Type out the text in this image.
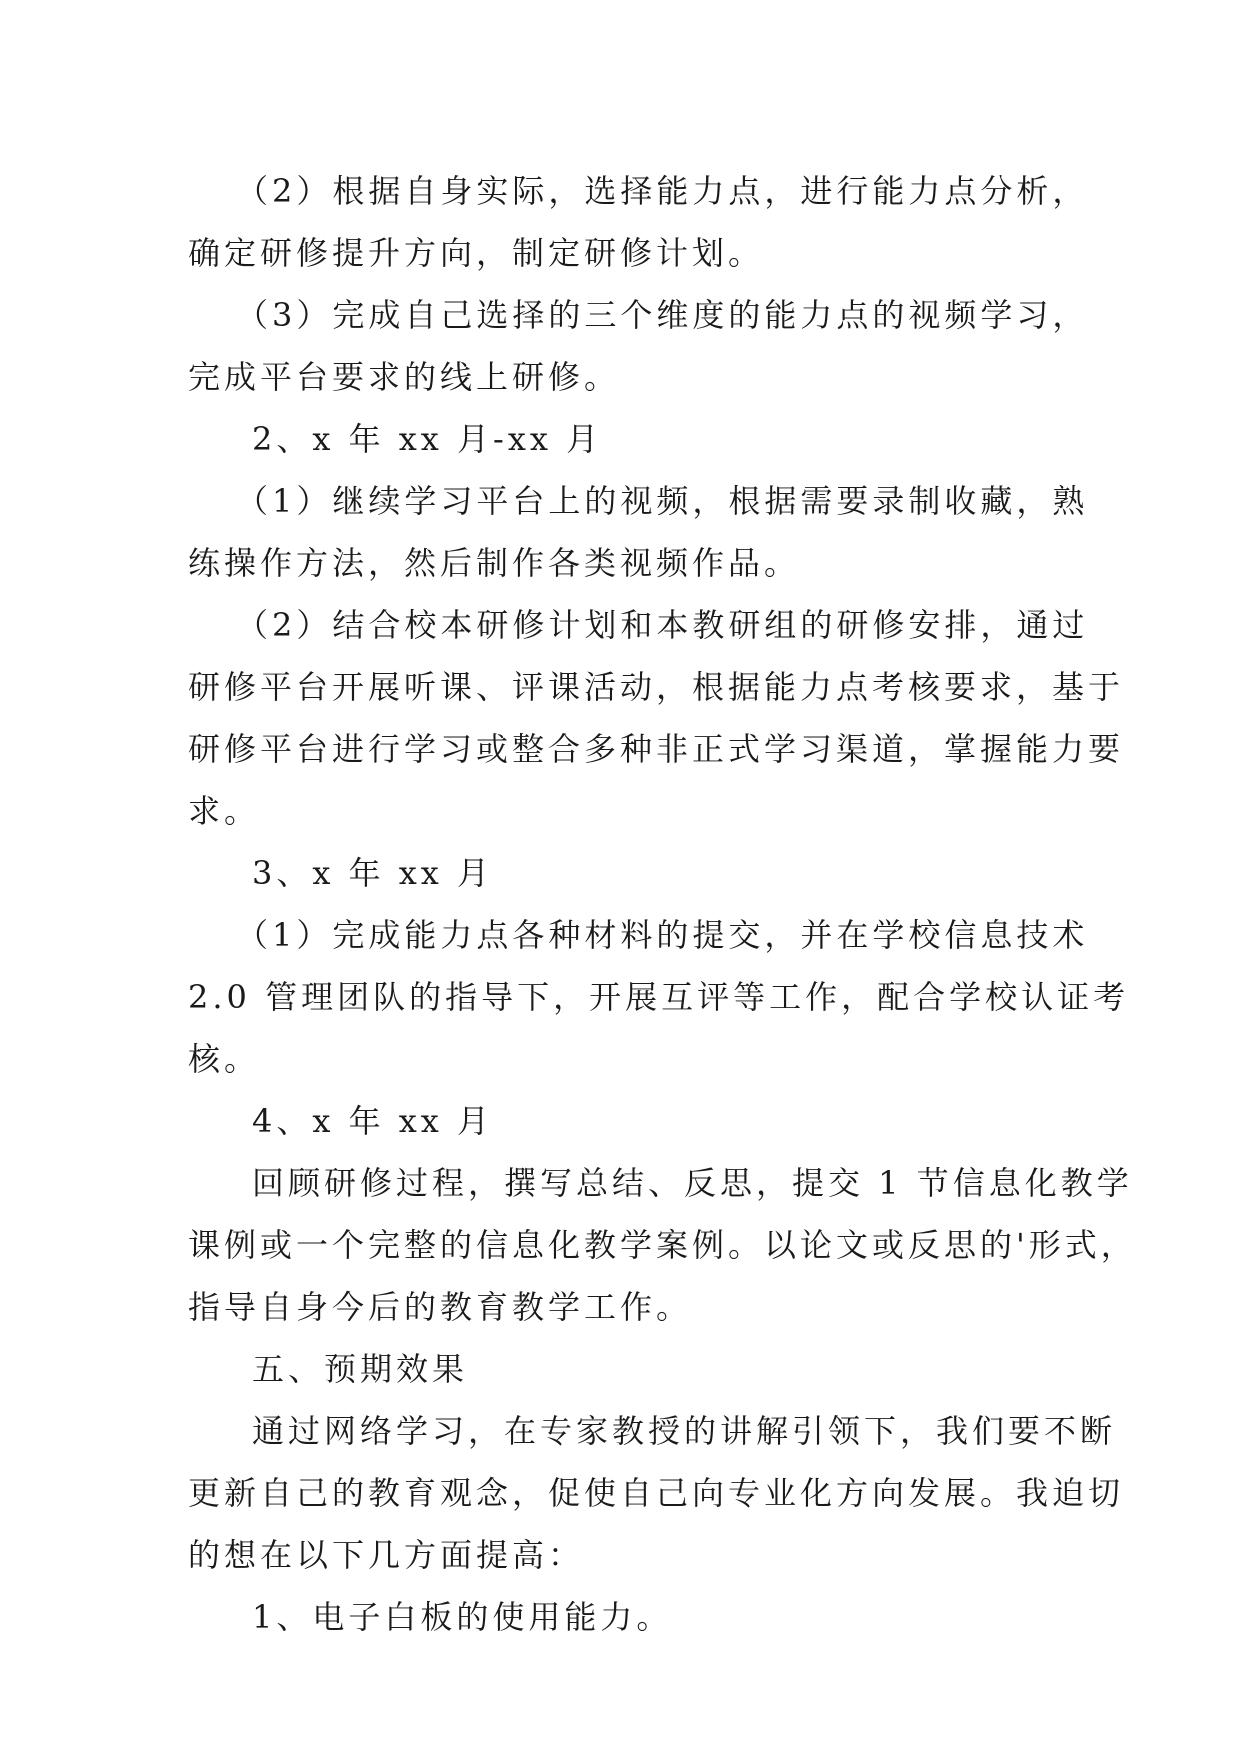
（2）根据自身实际，选择能力点，进行能力点分析，
确定研修提升方向，制定研修计划。
（3）完成自己选择的三个维度的能力点的视频学习，
完成平台要求的线上研修。
2、x 年 xx 月-xx 月
（1）继续学习平台上的视频，根据需要录制收藏，熟
练操作方法，然后制作各类视频作品。
（2）结合校本研修计划和本教研组的研修安排，通过
研修平台开展听课、评课活动，根据能力点考核要求，基于
研修平台进行学习或整合多种非正式学习渠道，掌握能力要
求。
3、x 年 xx 月
（1）完成能力点各种材料的提交，并在学校信息技术
2.0 管理团队的指导下，开展互评等工作，配合学校认证考
核。
4、x 年 xx 月
回顾研修过程，撰写总结、反思，提交 1 节信息化教学
课例或一个完整的信息化教学案例。以论文或反思的'形式，
指导自身今后的教育教学工作。
五、预期效果
通过网络学习，在专家教授的讲解引领下，我们要不断
更新自己的教育观念，促使自己向专业化方向发展。我迫切
的想在以下几方面提高：
1、电子白板的使用能力。
